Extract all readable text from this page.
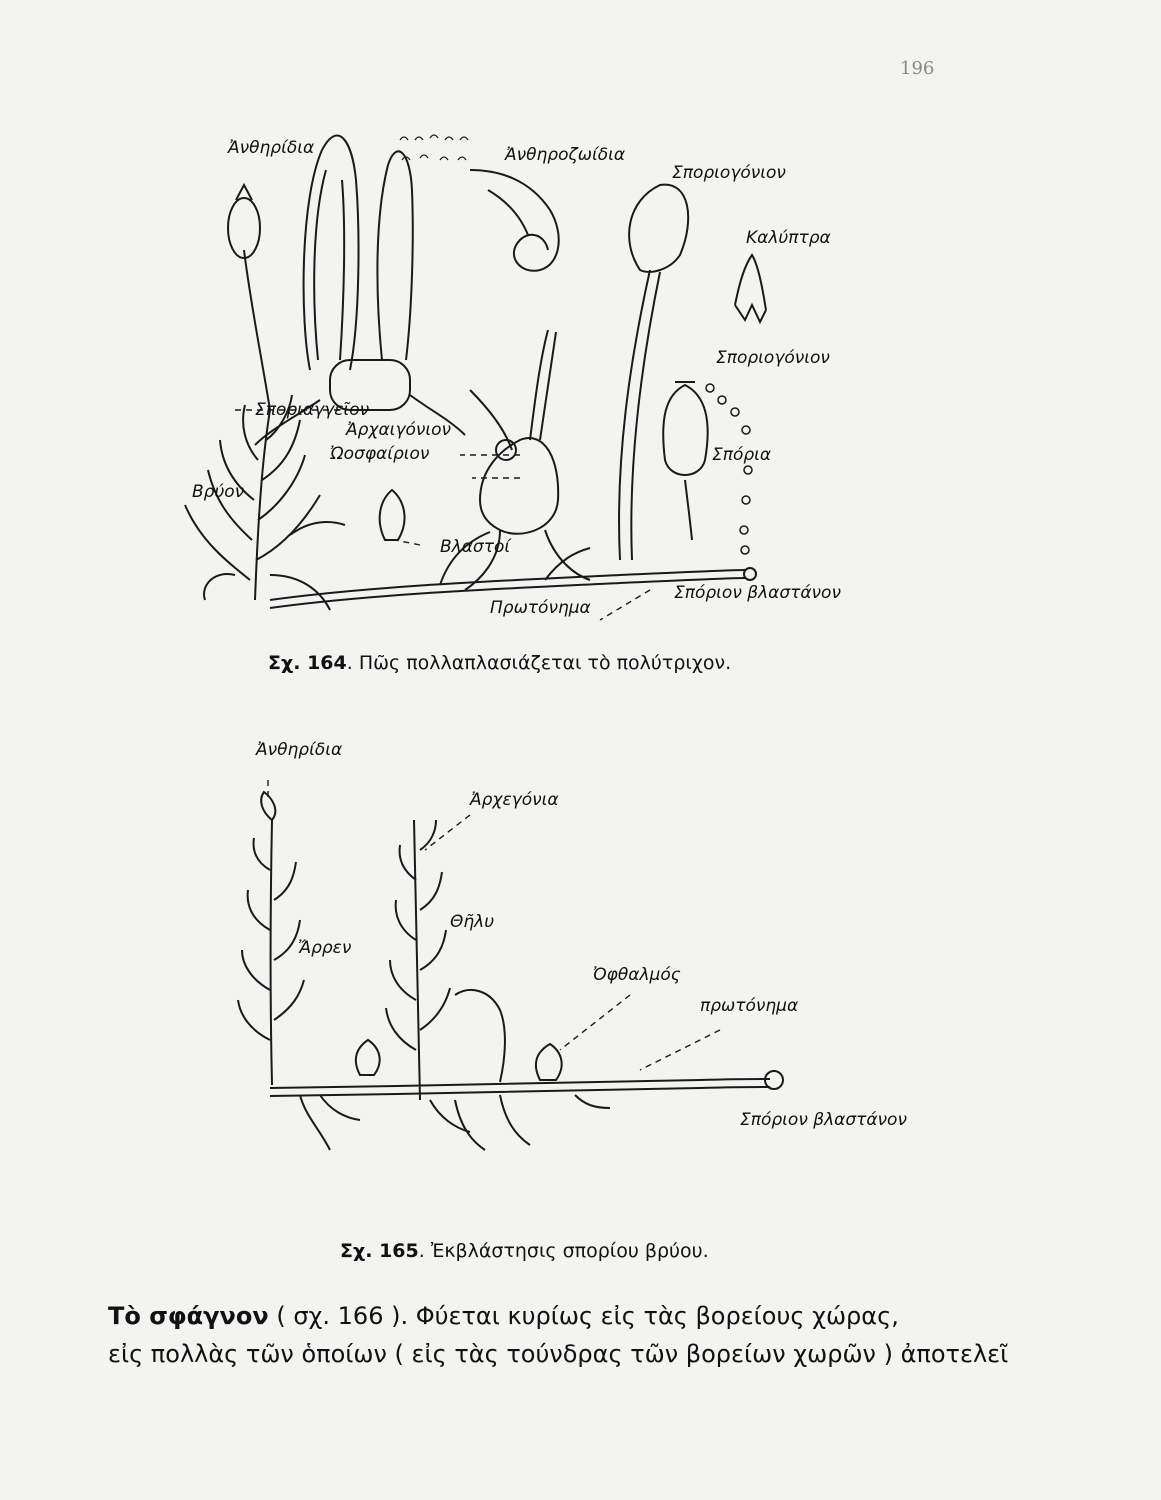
196
Ἀνθηρίδια	Ἀνθηροζωίδια
Σποριογόνιον
Καλύπτρα
Σποριογόνιον
Σποριαγγεῖον
Ἀρχαιγόνιον
Ὠοσφαίριον	Σπόρια
Βρύον
Βλαστοί
Πρωτόνημα
Σπόριον βλαστάνον
Σχ. 164. Πῶς πολλαπλασιάζεται τὸ πολύτριχον.
Ἀνθηρίδια
Ἀρχεγόνια
Ἄρρεν
Θῆλυ
Ὀφθαλμός
πρωτόνημα
Σπόριον βλαστάνον
Σχ. 165. Ἐκβλάστησις σπορίου βρύου.
Τὸ σφάγνον ( σχ. 166 ). Φύεται κυρίως εἰς τὰς βορείους χώρας,
εἰς πολλὰς τῶν ὁποίων ( εἰς τὰς τούνδρας τῶν βορείων χωρῶν ) ἀποτελεῖ
